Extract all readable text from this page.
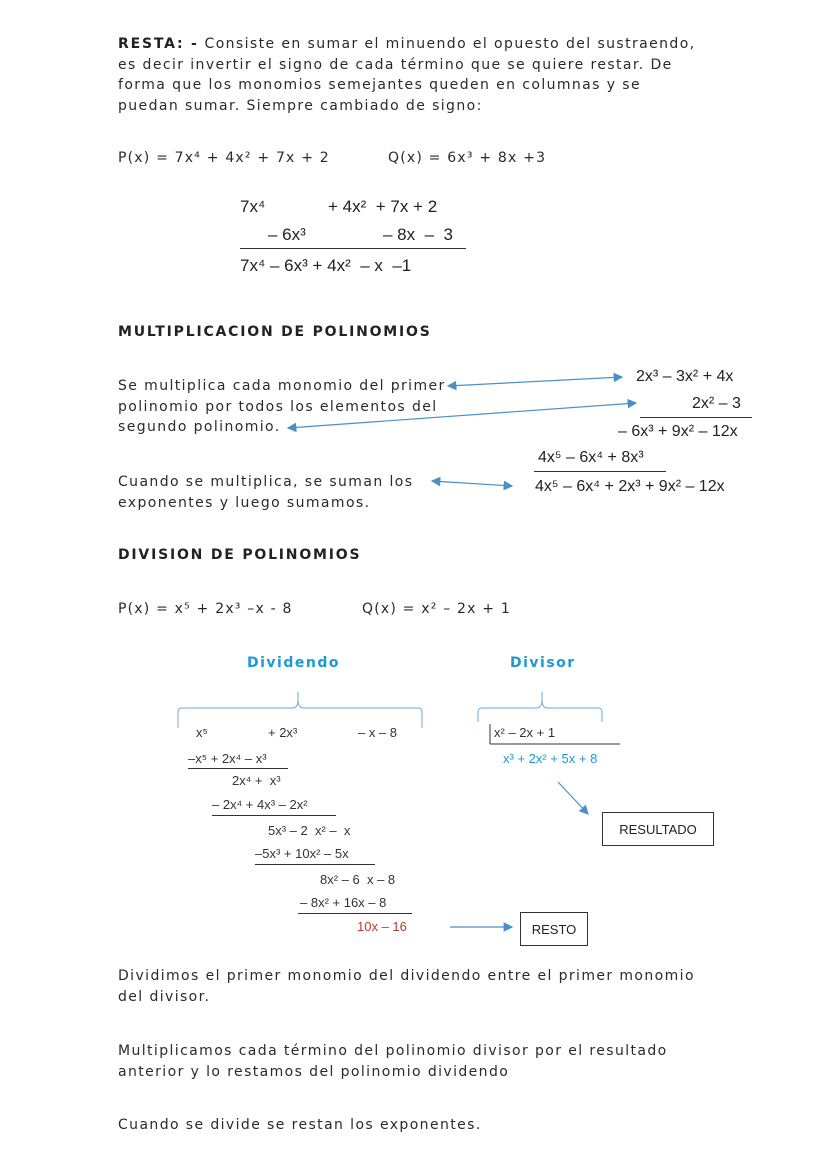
RESTA: - Consiste en sumar el minuendo el opuesto del sustraendo,
es decir invertir el signo de cada término que se quiere restar. De
forma que los monomios semejantes queden en columnas y se
puedan sumar. Siempre cambiado de signo:
P(x) = 7x⁴ + 4x² + 7x + 2	Q(x) = 6x³ + 8x +3
7x⁴	+ 4x²  + 7x + 2
– 6x³	– 8x  –  3
7x⁴ – 6x³ + 4x²  – x  –1
MULTIPLICACION DE POLINOMIOS
Se multiplica cada monomio del primer
polinomio por todos los elementos del
segundo polinomio.
Cuando se multiplica, se suman los
exponentes y luego sumamos.
2x³ – 3x² + 4x
2x² – 3
– 6x³ + 9x² – 12x
4x⁵ – 6x⁴ + 8x³
4x⁵ – 6x⁴ + 2x³ + 9x² – 12x
DIVISION DE POLINOMIOS
P(x) = x⁵ + 2x³ –x - 8	Q(x) = x² – 2x + 1
Dividendo	Divisor
x⁵	+ 2x³	– x – 8	x² – 2x + 1
x³ + 2x² + 5x + 8
–x⁵ + 2x⁴ – x³
2x⁴ +  x³
– 2x⁴ + 4x³ – 2x²
5x³ – 2  x² –  x
–5x³ + 10x² – 5x
8x² – 6  x – 8
– 8x² + 16x – 8
10x – 16
RESULTADO
RESTO
Dividimos el primer monomio del dividendo entre el primer monomio
del divisor.
Multiplicamos cada término del polinomio divisor por el resultado
anterior y lo restamos del polinomio dividendo
Cuando se divide se restan los exponentes.
